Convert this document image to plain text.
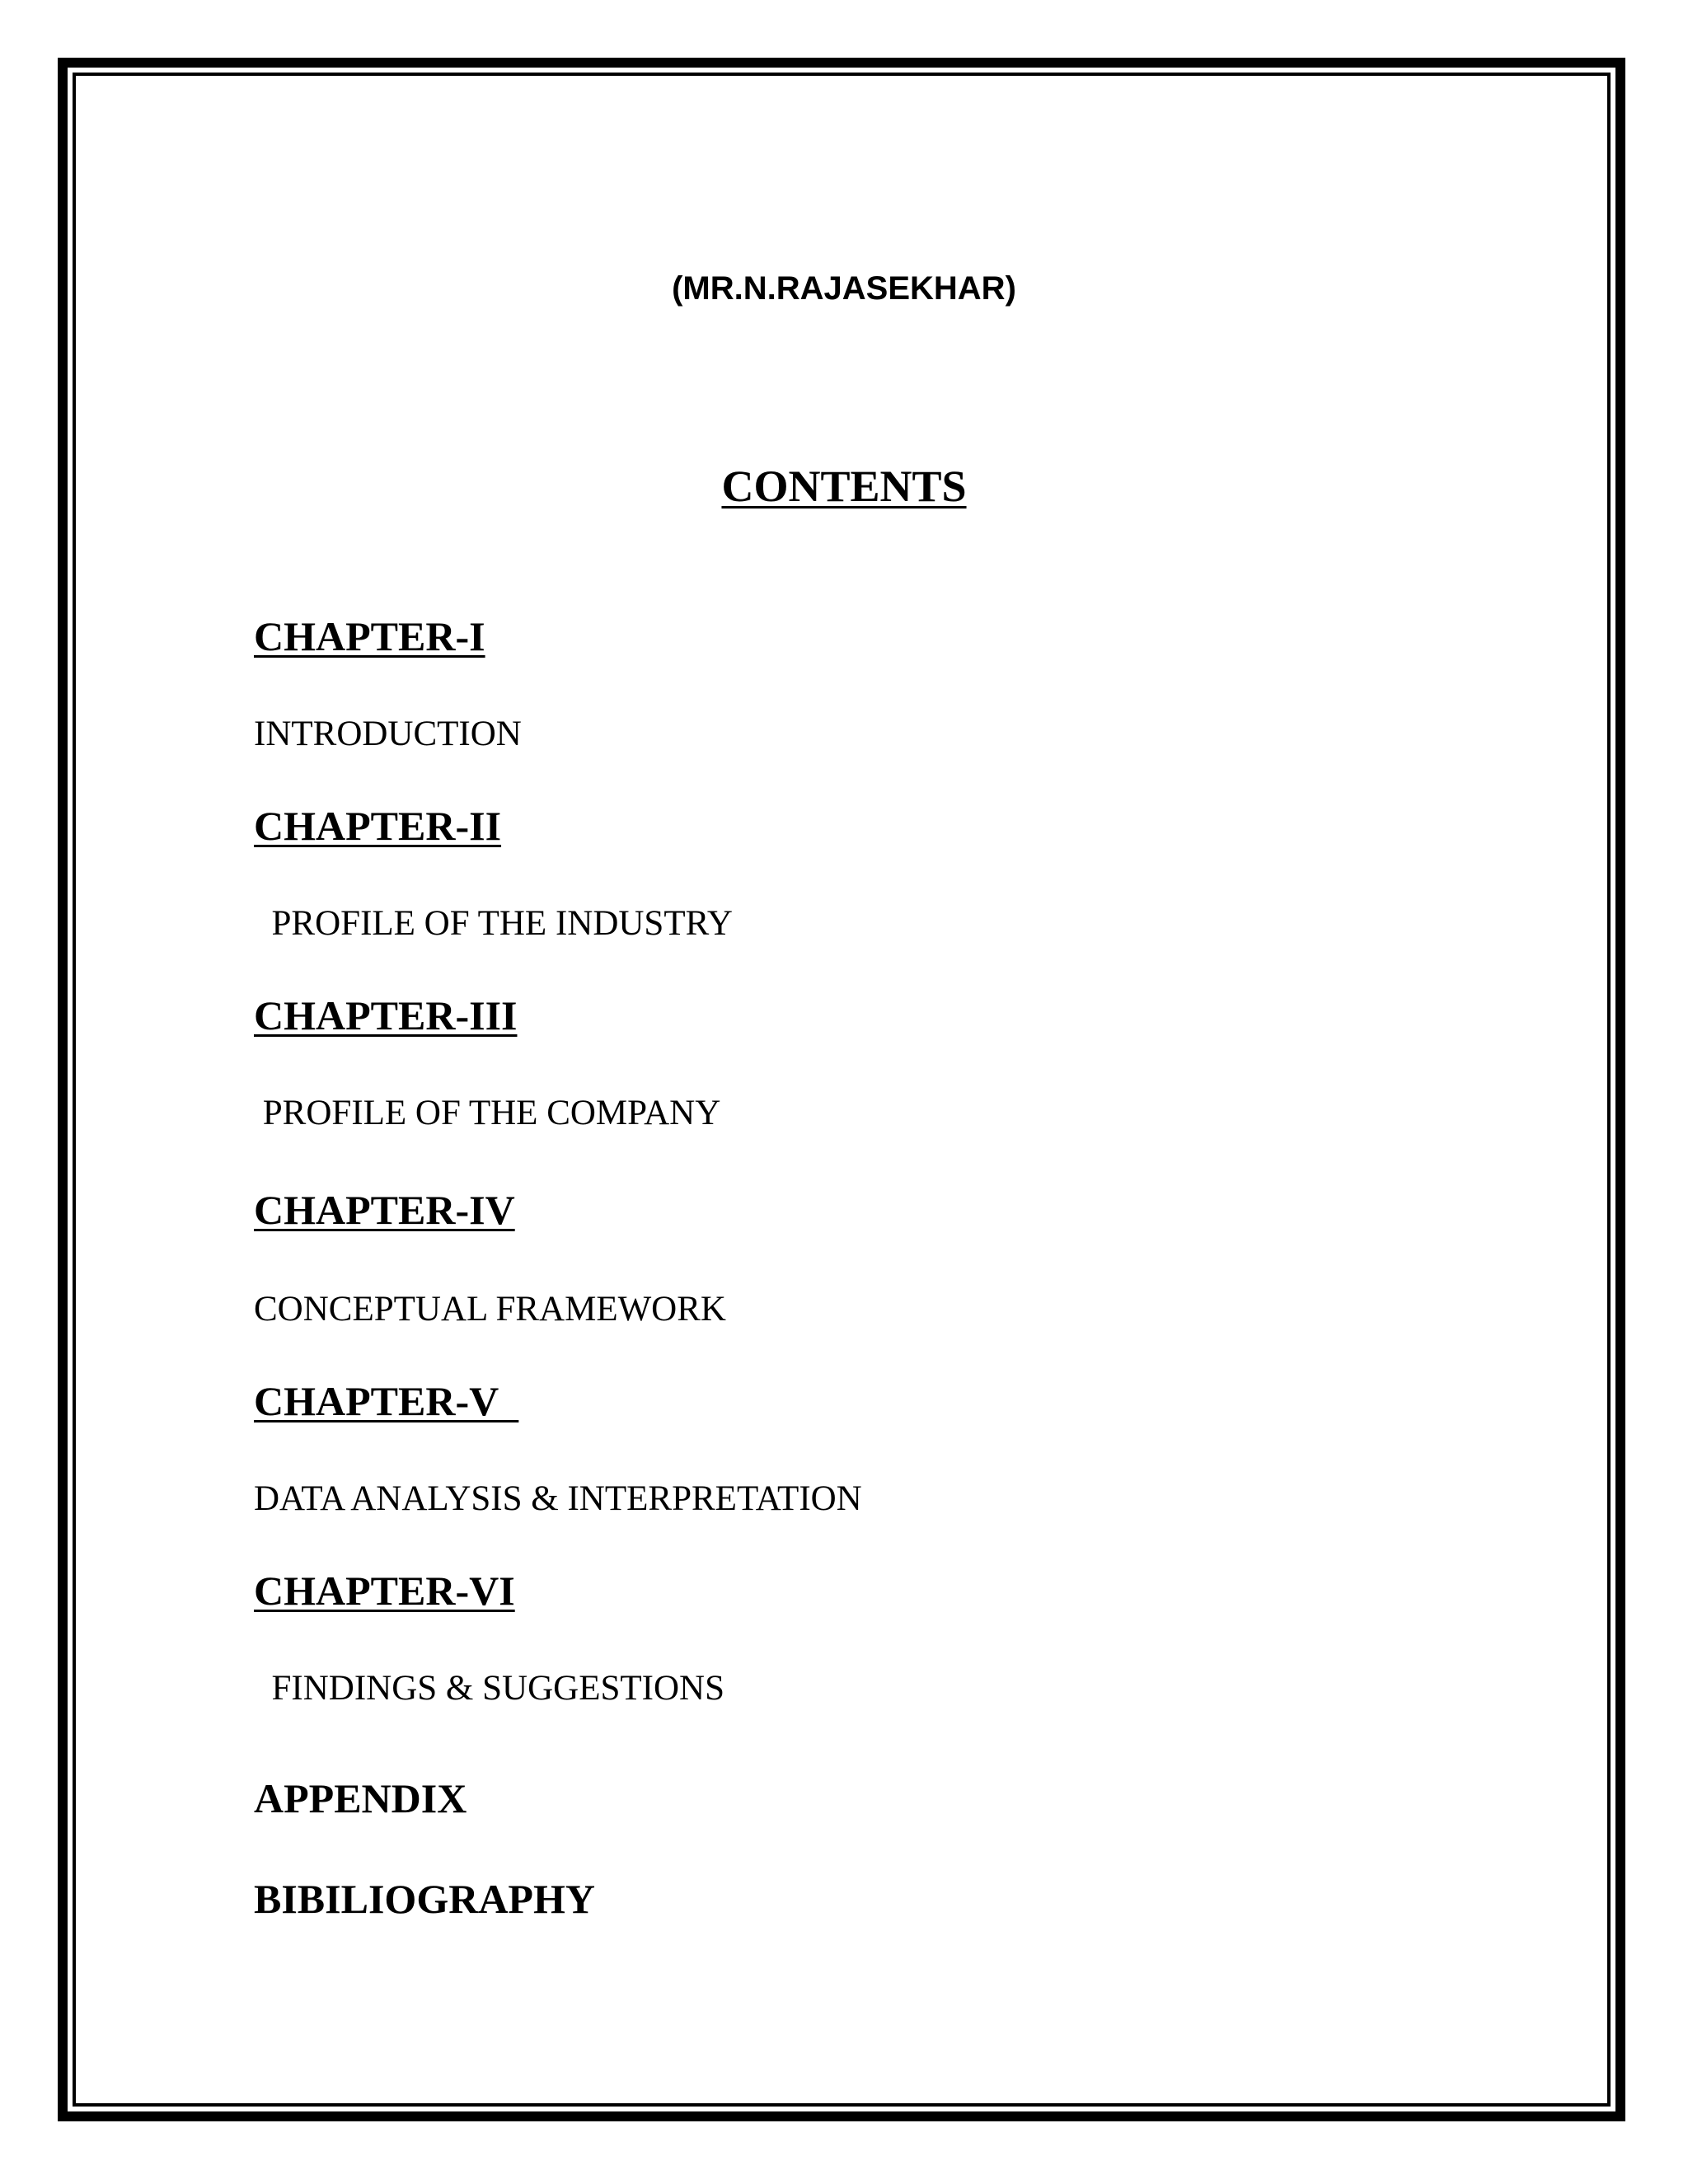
(MR.N.RAJASEKHAR)

CONTENTS

CHAPTER-I

INTRODUCTION

CHAPTER-II

PROFILE OF THE INDUSTRY

CHAPTER-III

PROFILE OF THE COMPANY

CHAPTER-IV

CONCEPTUAL FRAMEWORK

CHAPTER-V

DATA ANALYSIS & INTERPRETATION

CHAPTER-VI

FINDINGS & SUGGESTIONS

APPENDIX

BIBILIOGRAPHY
